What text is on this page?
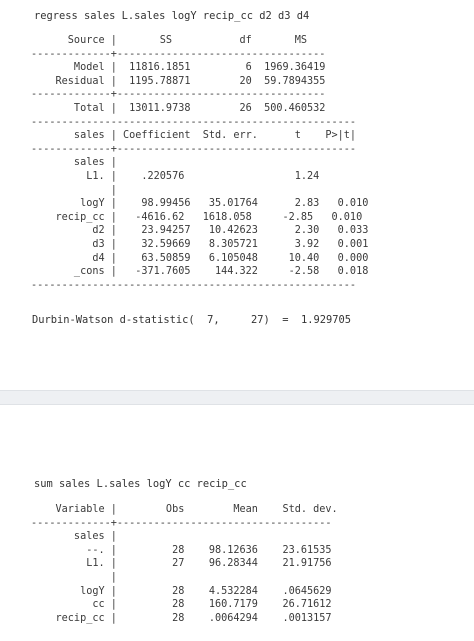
regress sales L.sales logY recip_cc d2 d3 d4
Source |       SS           df       MS
-------------+----------------------------------
Model |  11816.1851         6  1969.36419
Residual |  1195.78871        20  59.7894355
-------------+----------------------------------
Total |  13011.9738        26  500.460532
-----------------------------------------------------
sales | Coefficient  Std. err.      t    P>|t|
-------------+---------------------------------------
sales |
L1. |    .220576                  1.24
|
logY |    98.99456   35.01764      2.83   0.010
recip_cc |   -4616.62   1618.058     -2.85   0.010
d2 |    23.94257   10.42623      2.30   0.033
d3 |    32.59669   8.305721      3.92   0.001
d4 |    63.50859   6.105048     10.40   0.000
_cons |   -371.7605    144.322     -2.58   0.018
-----------------------------------------------------
Durbin-Watson d-statistic(  7,     27)  =  1.929705
sum sales L.sales logY cc recip_cc
Variable |        Obs        Mean    Std. dev.
-------------+-----------------------------------
sales |
--. |         28    98.12636    23.61535
L1. |         27    96.28344    21.91756
|
logY |         28    4.532284    .0645629
cc |         28    160.7179    26.71612
recip_cc |         28    .0064294    .0013157
